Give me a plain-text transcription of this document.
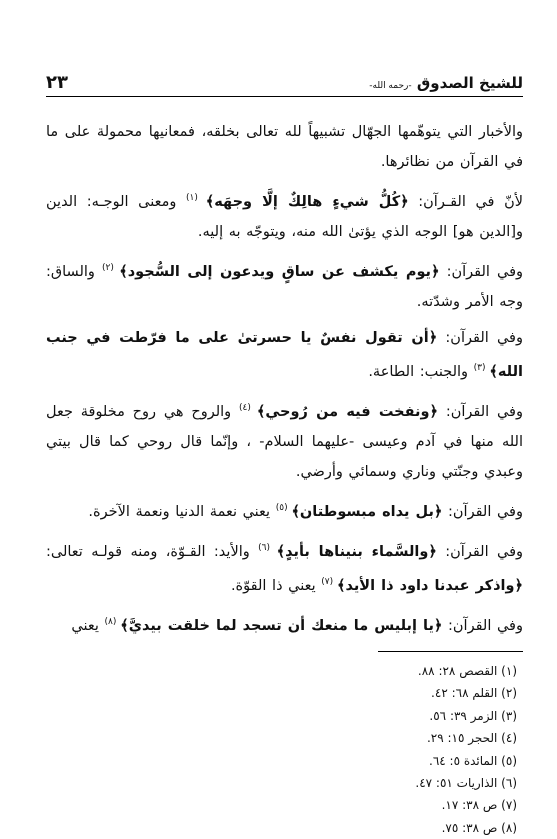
للشيخ الصدوق -رحمه الله-
٢٣

والأخبار التي يتوهّمها الجهّال تشبيهاً لله تعالى بخلقه، فمعانيها محمولة على ما في القرآن من نظائرها.

لأنّ في القـرآن: ﴿كُلُّ شيءٍ هالِكٌ إلَّا وجهَه﴾ $^{(١)}$ ومعنى الوجـه: الدين و[الدين هو] الوجه الذي يؤتىٰ الله منه، ويتوجّه به إليه.

وفي القرآن: ﴿يوم يكشف عن ساقٍ ويدعون إلى السُّجود﴾ $^{(٢)}$ والساق: وجه الأمر وشدّته.

وفي القرآن: ﴿أن تقول نفسٌ يا حسرتىٰ على ما فرّطت في جنب الله﴾ $^{(٣)}$ والجنب: الطاعة.

وفي القرآن: ﴿ونفخت فيه من رُوحي﴾ $^{(٤)}$ والروح هي روح مخلوقة جعل الله منها في آدم وعيسى -عليهما السلام- ، وإنّما قال روحي كما قال بيتي وعبدي وجنّتي وناري وسمائي وأرضي.

وفي القرآن: ﴿بل يداه مبسوطتان﴾ $^{(٥)}$ يعني نعمة الدنيا ونعمة الآخرة.

وفي القرآن: ﴿والسَّماء بنيناها بأيدٍ﴾ $^{(٦)}$ والأيد: القـوّة، ومنه قولـه تعالى: ﴿واذكر عبدنا داود ذا الأيد﴾ $^{(٧)}$ يعني ذا القوّة.

وفي القرآن: ﴿يا إبليس ما منعك أن تسجد لما خلقت بيديَّ﴾ $^{(٨)}$ يعني

(١) القصص ٢٨: ٨٨.
(٢) القلم ٦٨: ٤٢.
(٣) الزمر ٣٩: ٥٦.
(٤) الحجر ١٥: ٢٩.
(٥) المائدة ٥: ٦٤.
(٦) الذاريات ٥١: ٤٧.
(٧) ص ٣٨: ١٧.
(٨) ص ٣٨: ٧٥.
